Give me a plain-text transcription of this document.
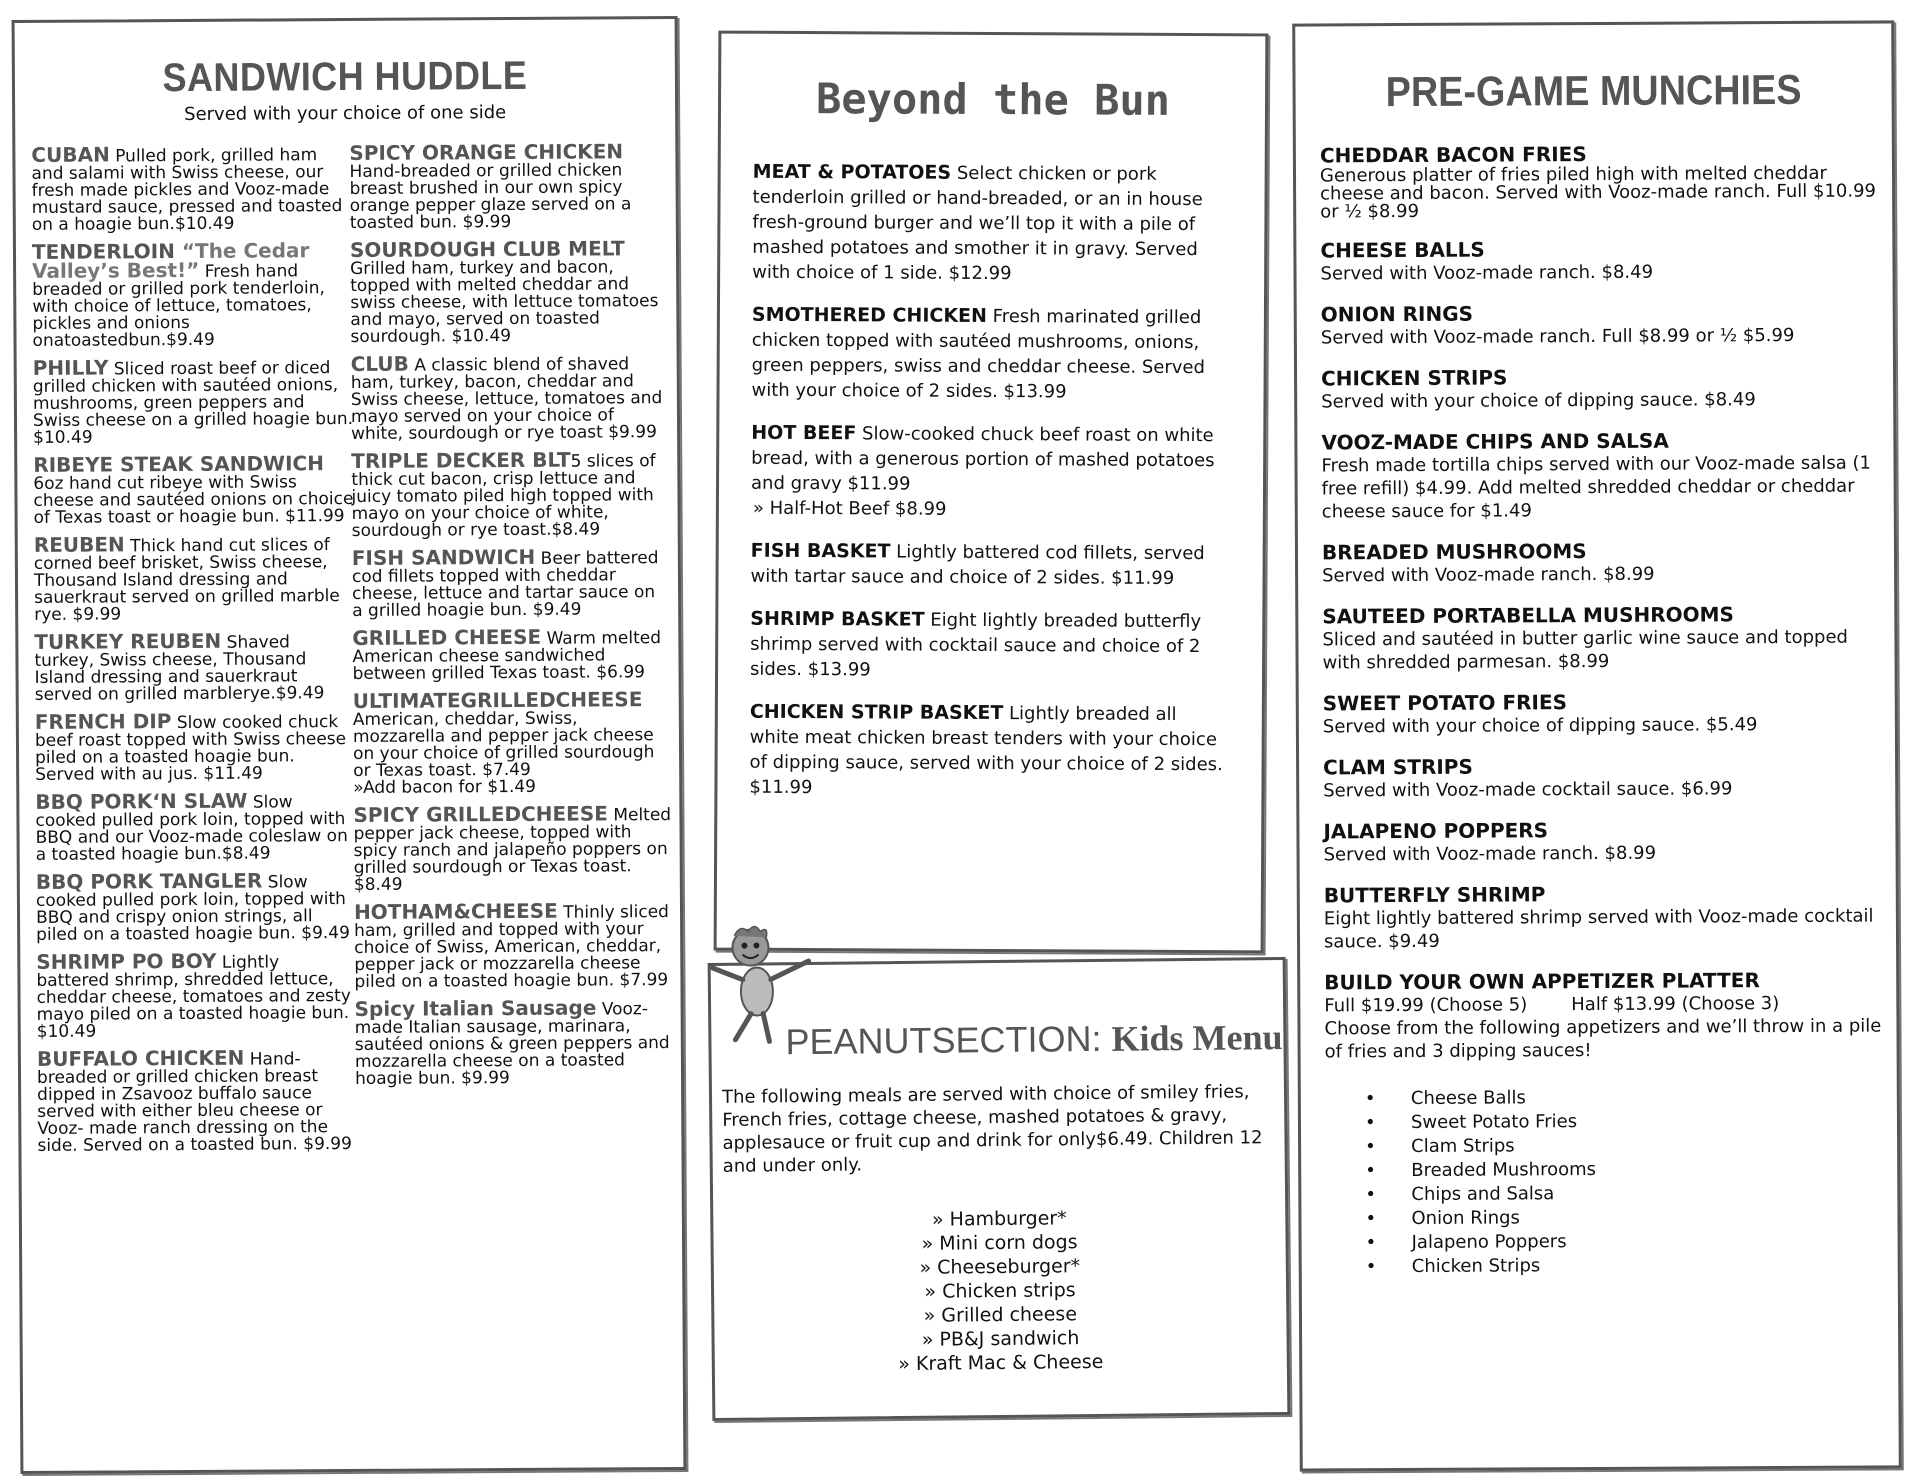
SANDWICH HUDDLE
Served with your choice of one side
CUBAN Pulled pork, grilled ham and salami with Swiss cheese, our fresh made pickles and Vooz-made mustard sauce, pressed and toasted on a hoagie bun.$10.49
TENDERLOIN “The Cedar Valley’s Best!” Fresh hand breaded or grilled pork tenderloin, with choice of lettuce, tomatoes, pickles and onions onatoastedbun.$9.49
PHILLY Sliced roast beef or diced grilled chicken with sautéed onions, mushrooms, green peppers and Swiss cheese on a grilled hoagie bun. $10.49
RIBEYE STEAK SANDWICH 6oz hand cut ribeye with Swiss cheese and sautéed onions on choice of Texas toast or hoagie bun. $11.99
REUBEN Thick hand cut slices of corned beef brisket, Swiss cheese, Thousand Island dressing and sauerkraut served on grilled marble rye. $9.99
TURKEY REUBEN Shaved turkey, Swiss cheese, Thousand Island dressing and sauerkraut served on grilled marblerye.$9.49
FRENCH DIP Slow cooked chuck beef roast topped with Swiss cheese piled on a toasted hoagie bun. Served with au jus. $11.49
BBQ PORK‘N SLAW Slow cooked pulled pork loin, topped with BBQ and our Vooz-made coleslaw on a toasted hoagie bun.$8.49
BBQ PORK TANGLER Slow cooked pulled pork loin, topped with BBQ and crispy onion strings, all piled on a toasted hoagie bun. $9.49
SHRIMP PO BOY Lightly battered shrimp, shredded lettuce, cheddar cheese, tomatoes and zesty mayo piled on a toasted hoagie bun. $10.49
BUFFALO CHICKEN Hand-breaded or grilled chicken breast dipped in Zsavooz buffalo sauce served with either bleu cheese or Vooz- made ranch dressing on the side. Served on a toasted bun. $9.99
SPICY ORANGE CHICKEN Hand-breaded or grilled chicken breast brushed in our own spicy orange pepper glaze served on a toasted bun. $9.99
SOURDOUGH CLUB MELT Grilled ham, turkey and bacon, topped with melted cheddar and swiss cheese, with lettuce tomatoes and mayo, served on toasted sourdough. $10.49
CLUB A classic blend of shaved ham, turkey, bacon, cheddar and Swiss cheese, lettuce, tomatoes and mayo served on your choice of white, sourdough or rye toast $9.99
TRIPLE DECKER BLT5 slices of thick cut bacon, crisp lettuce and juicy tomato piled high topped with mayo on your choice of white, sourdough or rye toast.$8.49
FISH SANDWICH Beer battered cod fillets topped with cheddar cheese, lettuce and tartar sauce on a grilled hoagie bun. $9.49
GRILLED CHEESE Warm melted American cheese sandwiched between grilled Texas toast. $6.99
ULTIMATEGRILLEDCHEESE American, cheddar, Swiss, mozzarella and pepper jack cheese on your choice of grilled sourdough or Texas toast. $7.49
»Add bacon for $1.49
SPICY GRILLEDCHEESE Melted pepper jack cheese, topped with spicy ranch and jalapeño poppers on grilled sourdough or Texas toast. $8.49
HOTHAM&CHEESE Thinly sliced ham, grilled and topped with your choice of Swiss, American, cheddar, pepper jack or mozzarella cheese piled on a toasted hoagie bun. $7.99
Spicy Italian Sausage Vooz-made Italian sausage, marinara, sautéed onions & green peppers and mozzarella cheese on a toasted hoagie bun. $9.99
Beyond the Bun
MEAT & POTATOES Select chicken or pork tenderloin grilled or hand-breaded, or an in house fresh-ground burger and we’ll top it with a pile of mashed potatoes and smother it in gravy. Served with choice of 1 side. $12.99
SMOTHERED CHICKEN Fresh marinated grilled chicken topped with sautéed mushrooms, onions, green peppers, swiss and cheddar cheese. Served with your choice of 2 sides. $13.99
HOT BEEF Slow-cooked chuck beef roast on white bread, with a generous portion of mashed potatoes and gravy $11.99
» Half-Hot Beef $8.99
FISH BASKET Lightly battered cod fillets, served with tartar sauce and choice of 2 sides. $11.99
SHRIMP BASKET Eight lightly breaded butterfly shrimp served with cocktail sauce and choice of 2 sides. $13.99
CHICKEN STRIP BASKET Lightly breaded all white meat chicken breast tenders with your choice of dipping sauce, served with your choice of 2 sides. $11.99
PEANUTSECTION: Kids Menu
The following meals are served with choice of smiley fries, French fries, cottage cheese, mashed potatoes & gravy, applesauce or fruit cup and drink for only$6.49. Children 12 and under only.
» Hamburger*
» Mini corn dogs
» Cheeseburger*
» Chicken strips
» Grilled cheese
» PB&J sandwich
» Kraft Mac & Cheese
PRE-GAME MUNCHIES
CHEDDAR BACON FRIES
Generous platter of fries piled high with melted cheddar cheese and bacon. Served with Vooz-made ranch. Full $10.99 or ½ $8.99
CHEESE BALLS
Served with Vooz-made ranch. $8.49
ONION RINGS
Served with Vooz-made ranch. Full $8.99 or ½ $5.99
CHICKEN STRIPS
Served with your choice of dipping sauce. $8.49
VOOZ-MADE CHIPS AND SALSA
Fresh made tortilla chips served with our Vooz-made salsa (1 free refill) $4.99. Add melted shredded cheddar or cheddar cheese sauce for $1.49
BREADED MUSHROOMS
Served with Vooz-made ranch. $8.99
SAUTEED PORTABELLA MUSHROOMS
Sliced and sautéed in butter garlic wine sauce and topped with shredded parmesan. $8.99
SWEET POTATO FRIES
Served with your choice of dipping sauce. $5.49
CLAM STRIPS
Served with Vooz-made cocktail sauce. $6.99
JALAPENO POPPERS
Served with Vooz-made ranch. $8.99
BUTTERFLY SHRIMP
Eight lightly battered shrimp served with Vooz-made cocktail sauce. $9.49
BUILD YOUR OWN APPETIZER PLATTER
Full $19.99 (Choose 5) Half $13.99 (Choose 3)
Choose from the following appetizers and we’ll throw in a pile of fries and 3 dipping sauces!
• Cheese Balls
• Sweet Potato Fries
• Clam Strips
• Breaded Mushrooms
• Chips and Salsa
• Onion Rings
• Jalapeno Poppers
• Chicken Strips
